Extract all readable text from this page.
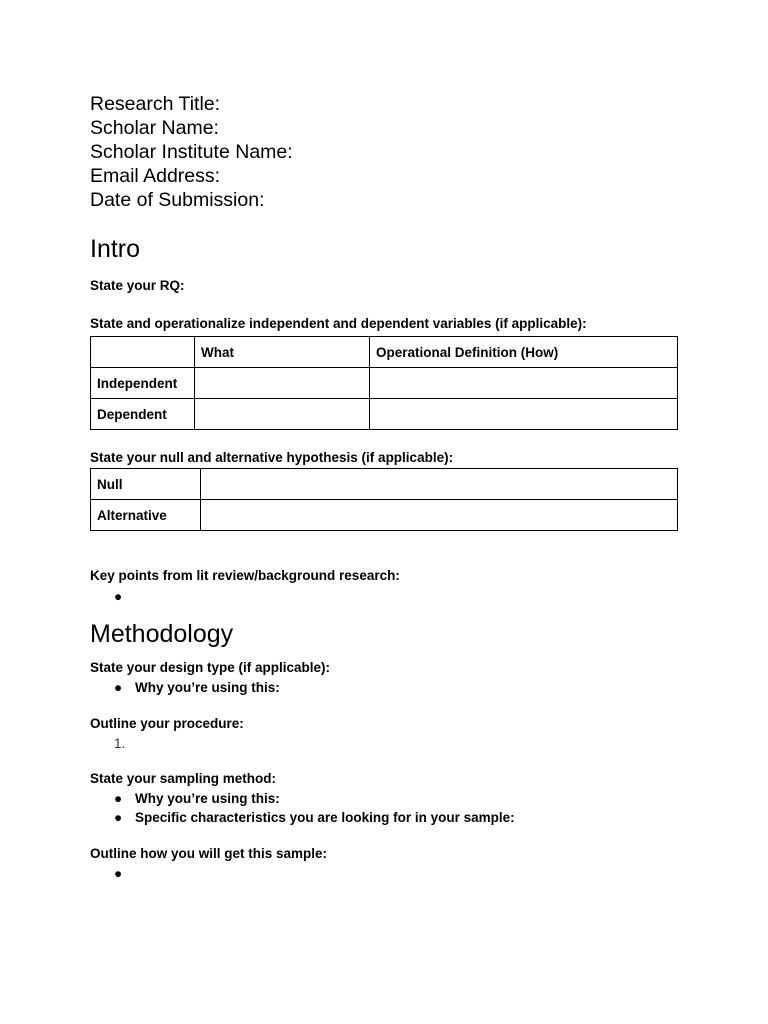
Research Title:

Scholar Name:

Scholar Institute Name:

Email Address:

Date of Submission:

Intro

State your RQ:

State and operationalize independent and dependent variables (if applicable):

	What	Operational Definition (How)
Independent		
Dependent		

State your null and alternative hypothesis (if applicable):

Null	
Alternative	

Key points from lit review/background research:

●
Methodology

State your design type (if applicable):

● Why you’re using this:

Outline your procedure:

1.

State your sampling method:

● Why you’re using this:
● Specific characteristics you are looking for in your sample:

Outline how you will get this sample:

●
